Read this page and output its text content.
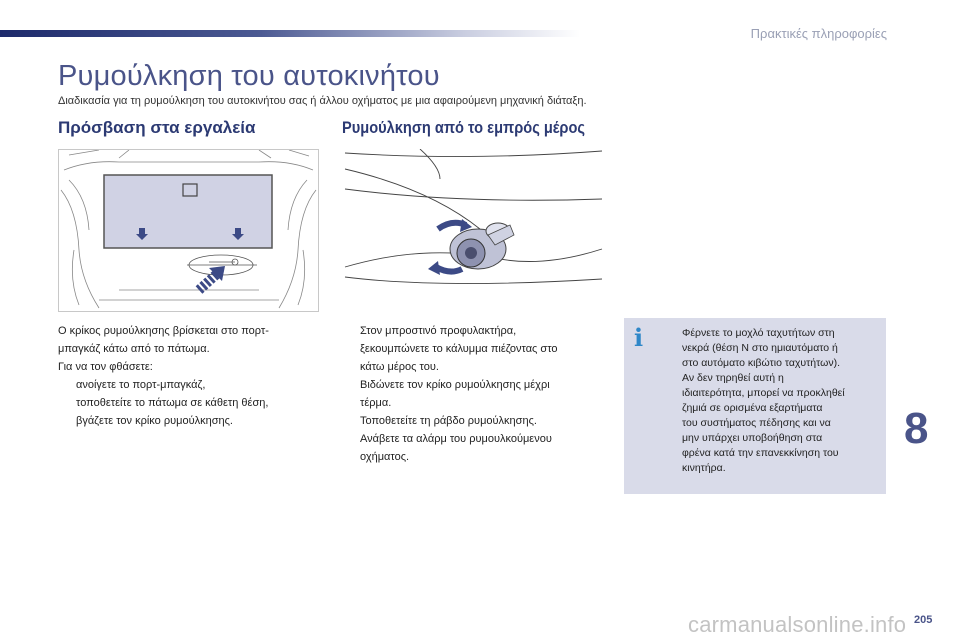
Πρακτικές πληροφορίες
Ρυμούλκηση του αυτοκινήτου
Διαδικασία για τη ρυμούλκηση του αυτοκινήτου σας ή άλλου οχήματος με μια αφαιρούμενη μηχανική διάταξη.
Πρόσβαση στα εργαλεία	Ρυμούλκηση από το εμπρός μέρος
Ο κρίκος ρυμούλκησης βρίσκεται στο πορτ-
μπαγκάζ κάτω από το πάτωμα.
Για να τον φθάσετε:
ανοίγετε το πορτ-μπαγκάζ,
τοποθετείτε το πάτωμα σε κάθετη θέση,
βγάζετε τον κρίκο ρυμούλκησης.
Στον μπροστινό προφυλακτήρα,
ξεκουμπώνετε το κάλυμμα πιέζοντας στο
κάτω μέρος του.
Βιδώνετε τον κρίκο ρυμούλκησης μέχρι
τέρμα.
Τοποθετείτε τη ράβδο ρυμούλκησης.
Ανάβετε τα αλάρμ του ρυμουλκούμενου
οχήματος.
i	Φέρνετε το μοχλό ταχυτήτων στη
νεκρά (θέση N στο ημιαυτόματο ή
στο αυτόματο κιβώτιο ταχυτήτων).
Αν δεν τηρηθεί αυτή η
ιδιαιτερότητα, μπορεί να προκληθεί
ζημιά σε ορισμένα εξαρτήματα
του συστήματος πέδησης και να
μην υπάρχει υποβοήθηση στα
φρένα κατά την επανεκκίνηση του
κινητήρα.
8
carmanualsonline.info 205
